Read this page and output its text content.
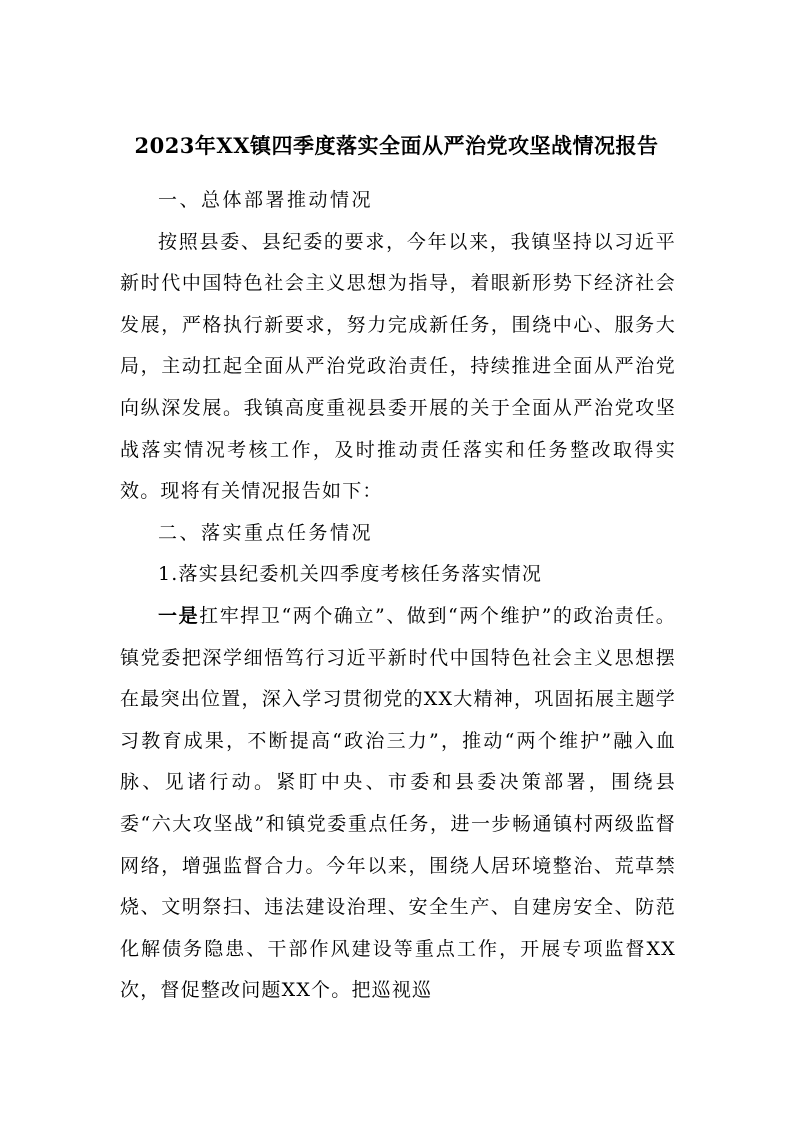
2023年XX镇四季度落实全面从严治党攻坚战情况报告

一、总体部署推动情况

按照县委、县纪委的要求，今年以来，我镇坚持以习近平新时代中国特色社会主义思想为指导，着眼新形势下经济社会发展，严格执行新要求，努力完成新任务，围绕中心、服务大局，主动扛起全面从严治党政治责任，持续推进全面从严治党向纵深发展。我镇高度重视县委开展的关于全面从严治党攻坚战落实情况考核工作，及时推动责任落实和任务整改取得实效。现将有关情况报告如下：

二、落实重点任务情况

1.落实县纪委机关四季度考核任务落实情况

一是扛牢捍卫“两个确立”、做到“两个维护”的政治责任。镇党委把深学细悟笃行习近平新时代中国特色社会主义思想摆在最突出位置，深入学习贯彻党的XX大精神，巩固拓展主题学习教育成果，不断提高“政治三力”，推动“两个维护”融入血脉、见诸行动。紧盯中央、市委和县委决策部署，围绕县委“六大攻坚战”和镇党委重点任务，进一步畅通镇村两级监督网络，增强监督合力。今年以来，围绕人居环境整治、荒草禁烧、文明祭扫、违法建设治理、安全生产、自建房安全、防范化解债务隐患、干部作风建设等重点工作，开展专项监督XX次，督促整改问题XX个。把巡视巡
